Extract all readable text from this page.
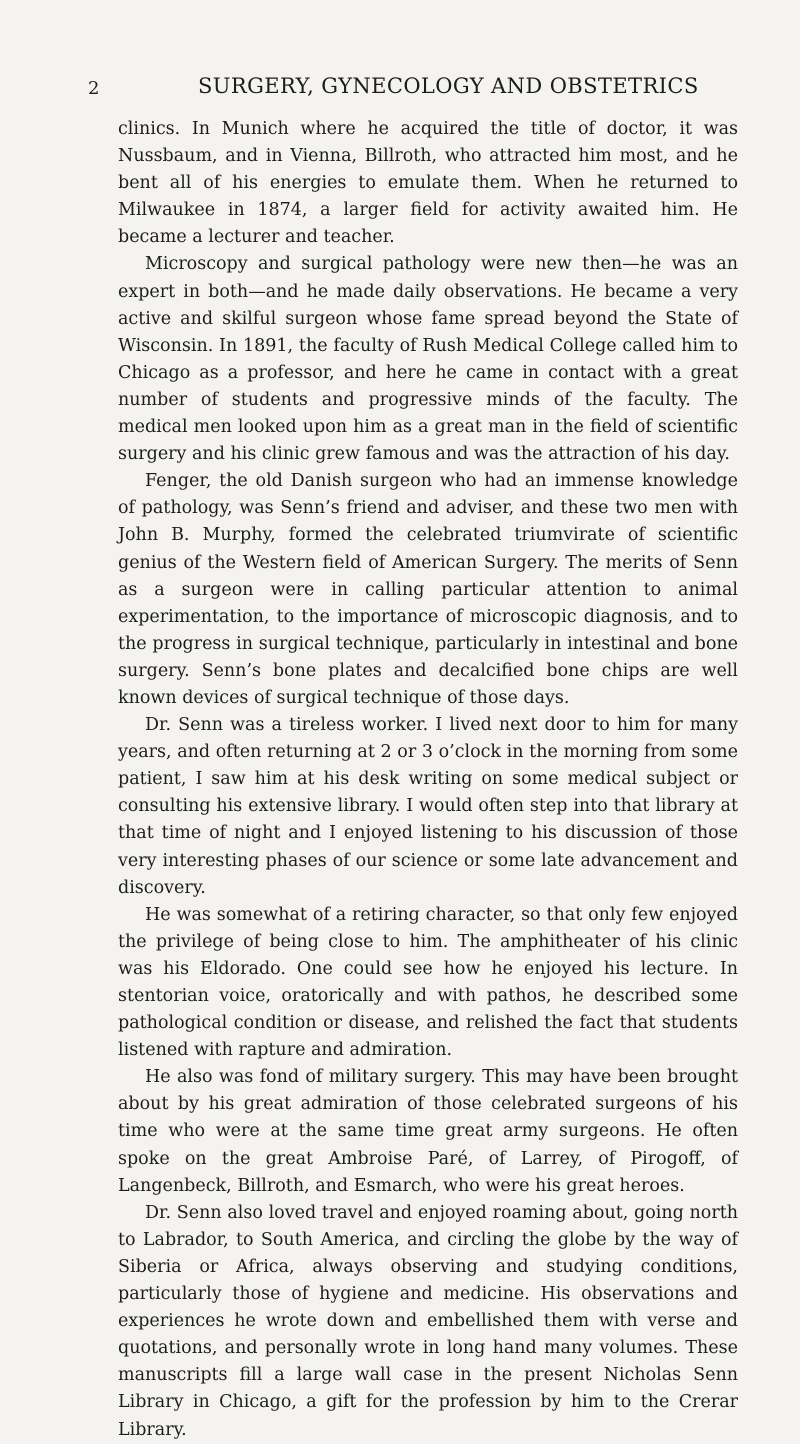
2	SURGERY, GYNECOLOGY AND OBSTETRICS

clinics. In Munich where he acquired the title of doctor, it was Nussbaum, and in Vienna, Billroth, who attracted him most, and he bent all of his energies to emulate them. When he returned to Milwaukee in 1874, a larger field for activity awaited him. He became a lecturer and teacher.

Microscopy and surgical pathology were new then—he was an expert in both—and he made daily observations. He became a very active and skilful surgeon whose fame spread beyond the State of Wisconsin. In 1891, the faculty of Rush Medical College called him to Chicago as a professor, and here he came in contact with a great number of students and progressive minds of the faculty. The medical men looked upon him as a great man in the field of scientific surgery and his clinic grew famous and was the attraction of his day.

Fenger, the old Danish surgeon who had an immense knowledge of pathology, was Senn’s friend and adviser, and these two men with John B. Murphy, formed the celebrated triumvirate of scientific genius of the Western field of American Surgery. The merits of Senn as a surgeon were in calling particular attention to animal experimentation, to the importance of microscopic diagnosis, and to the progress in surgical technique, particularly in intestinal and bone surgery. Senn’s bone plates and decalcified bone chips are well known devices of surgical technique of those days.

Dr. Senn was a tireless worker. I lived next door to him for many years, and often returning at 2 or 3 o’clock in the morning from some patient, I saw him at his desk writing on some medical subject or consulting his extensive library. I would often step into that library at that time of night and I enjoyed listening to his discussion of those very interesting phases of our science or some late advancement and discovery.

He was somewhat of a retiring character, so that only few enjoyed the privilege of being close to him. The amphitheater of his clinic was his Eldorado. One could see how he enjoyed his lecture. In stentorian voice, oratorically and with pathos, he described some pathological condition or disease, and relished the fact that students listened with rapture and admiration.

He also was fond of military surgery. This may have been brought about by his great admiration of those celebrated surgeons of his time who were at the same time great army surgeons. He often spoke on the great Ambroise Paré, of Larrey, of Pirogoff, of Langenbeck, Billroth, and Esmarch, who were his great heroes.

Dr. Senn also loved travel and enjoyed roaming about, going north to Labrador, to South America, and circling the globe by the way of Siberia or Africa, always observing and studying conditions, particularly those of hygiene and medicine. His observations and experiences he wrote down and embellished them with verse and quotations, and personally wrote in long hand many volumes. These manuscripts fill a large wall case in the present Nicholas Senn Library in Chicago, a gift for the profession by him to the Crerar Library.
